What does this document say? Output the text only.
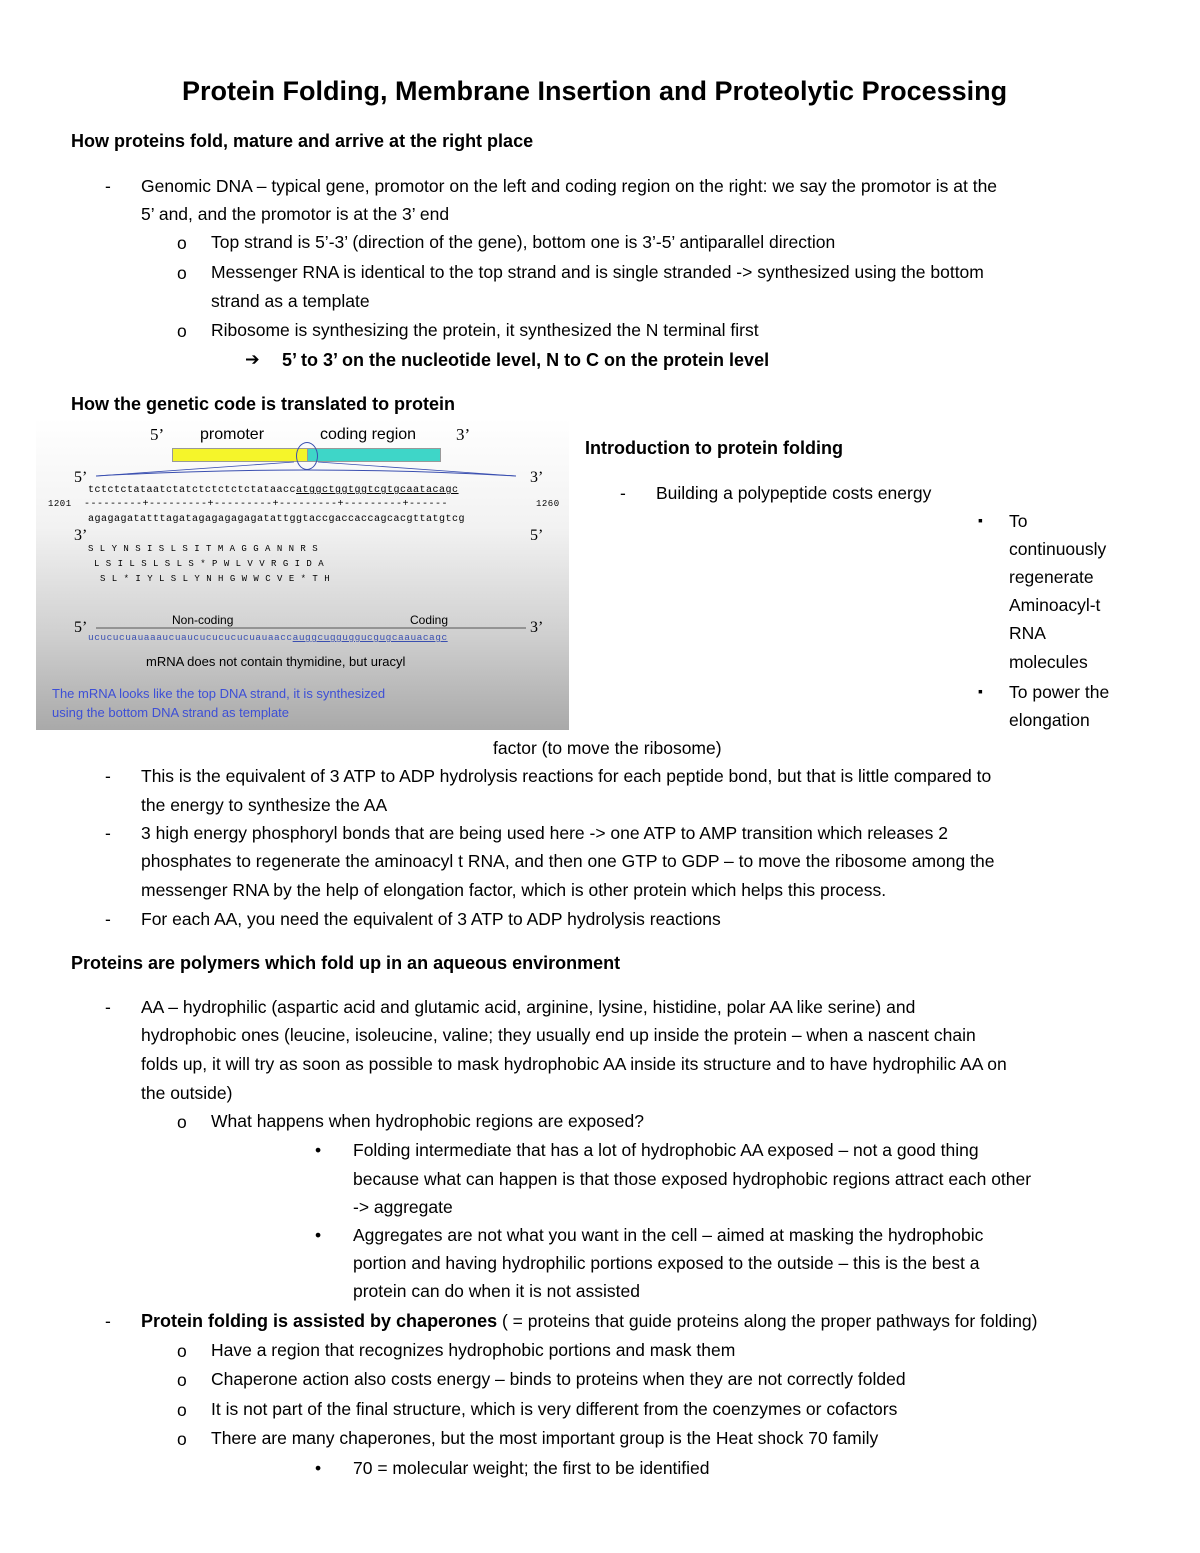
Protein Folding, Membrane Insertion and Proteolytic Processing
How proteins fold, mature and arrive at the right place
- Genomic DNA – typical gene, promotor on the left and coding region on the right: we say the promotor is at the
5’ and, and the promotor is at the 3’ end
o Top strand is 5’-3’ (direction of the gene), bottom one is 3’-5’ antiparallel direction
o Messenger RNA is identical to the top strand and is single stranded -> synthesized using the bottom
strand as a template
o Ribosome is synthesizing the protein, it synthesized the N terminal first
➔ 5’ to 3’ on the nucleotide level, N to C on the protein level
How the genetic code is translated to protein
5’ promoter	coding region 3’
5’	3’
tctctctataatctatctctctctctataaccatggctggtggtcgtgcaatacagc
1201 ---------+---------+---------+---------+---------+------	1260
agagagatatttagatagagagagagatattggtaccgaccaccagcacgttatgtcg
3’	5’
S L Y N S I S L S I T M A G G A N N R S
L S I L S L S L S * P W L V V R G I D A
S L * I Y L S L Y N H G W W C V E * T H
Non-coding	Coding
5’	3’
ucucucuauaaaucuaucucucucucuauaaccauggcugguggucgugcaauacagc
mRNA does not contain thymidine, but uracyl
The mRNA looks like the top DNA strand, it is synthesized
using the bottom DNA strand as template
Introduction to protein folding
- Building a polypeptide costs energy
▪ To
continuously
regenerate
Aminoacyl-t
RNA
molecules
▪ To power the
elongation
factor (to move the ribosome)
- This is the equivalent of 3 ATP to ADP hydrolysis reactions for each peptide bond, but that is little compared to
the energy to synthesize the AA
- 3 high energy phosphoryl bonds that are being used here -> one ATP to AMP transition which releases 2
phosphates to regenerate the aminoacyl t RNA, and then one GTP to GDP – to move the ribosome among the
messenger RNA by the help of elongation factor, which is other protein which helps this process.
- For each AA, you need the equivalent of 3 ATP to ADP hydrolysis reactions
Proteins are polymers which fold up in an aqueous environment
- AA – hydrophilic (aspartic acid and glutamic acid, arginine, lysine, histidine, polar AA like serine) and
hydrophobic ones (leucine, isoleucine, valine; they usually end up inside the protein – when a nascent chain
folds up, it will try as soon as possible to mask hydrophobic AA inside its structure and to have hydrophilic AA on
the outside)
o What happens when hydrophobic regions are exposed?
• Folding intermediate that has a lot of hydrophobic AA exposed – not a good thing
because what can happen is that those exposed hydrophobic regions attract each other
-> aggregate
• Aggregates are not what you want in the cell – aimed at masking the hydrophobic
portion and having hydrophilic portions exposed to the outside – this is the best a
protein can do when it is not assisted
- Protein folding is assisted by chaperones ( = proteins that guide proteins along the proper pathways for folding)
o Have a region that recognizes hydrophobic portions and mask them
o Chaperone action also costs energy – binds to proteins when they are not correctly folded
o It is not part of the final structure, which is very different from the coenzymes or cofactors
o There are many chaperones, but the most important group is the Heat shock 70 family
• 70 = molecular weight; the first to be identified
